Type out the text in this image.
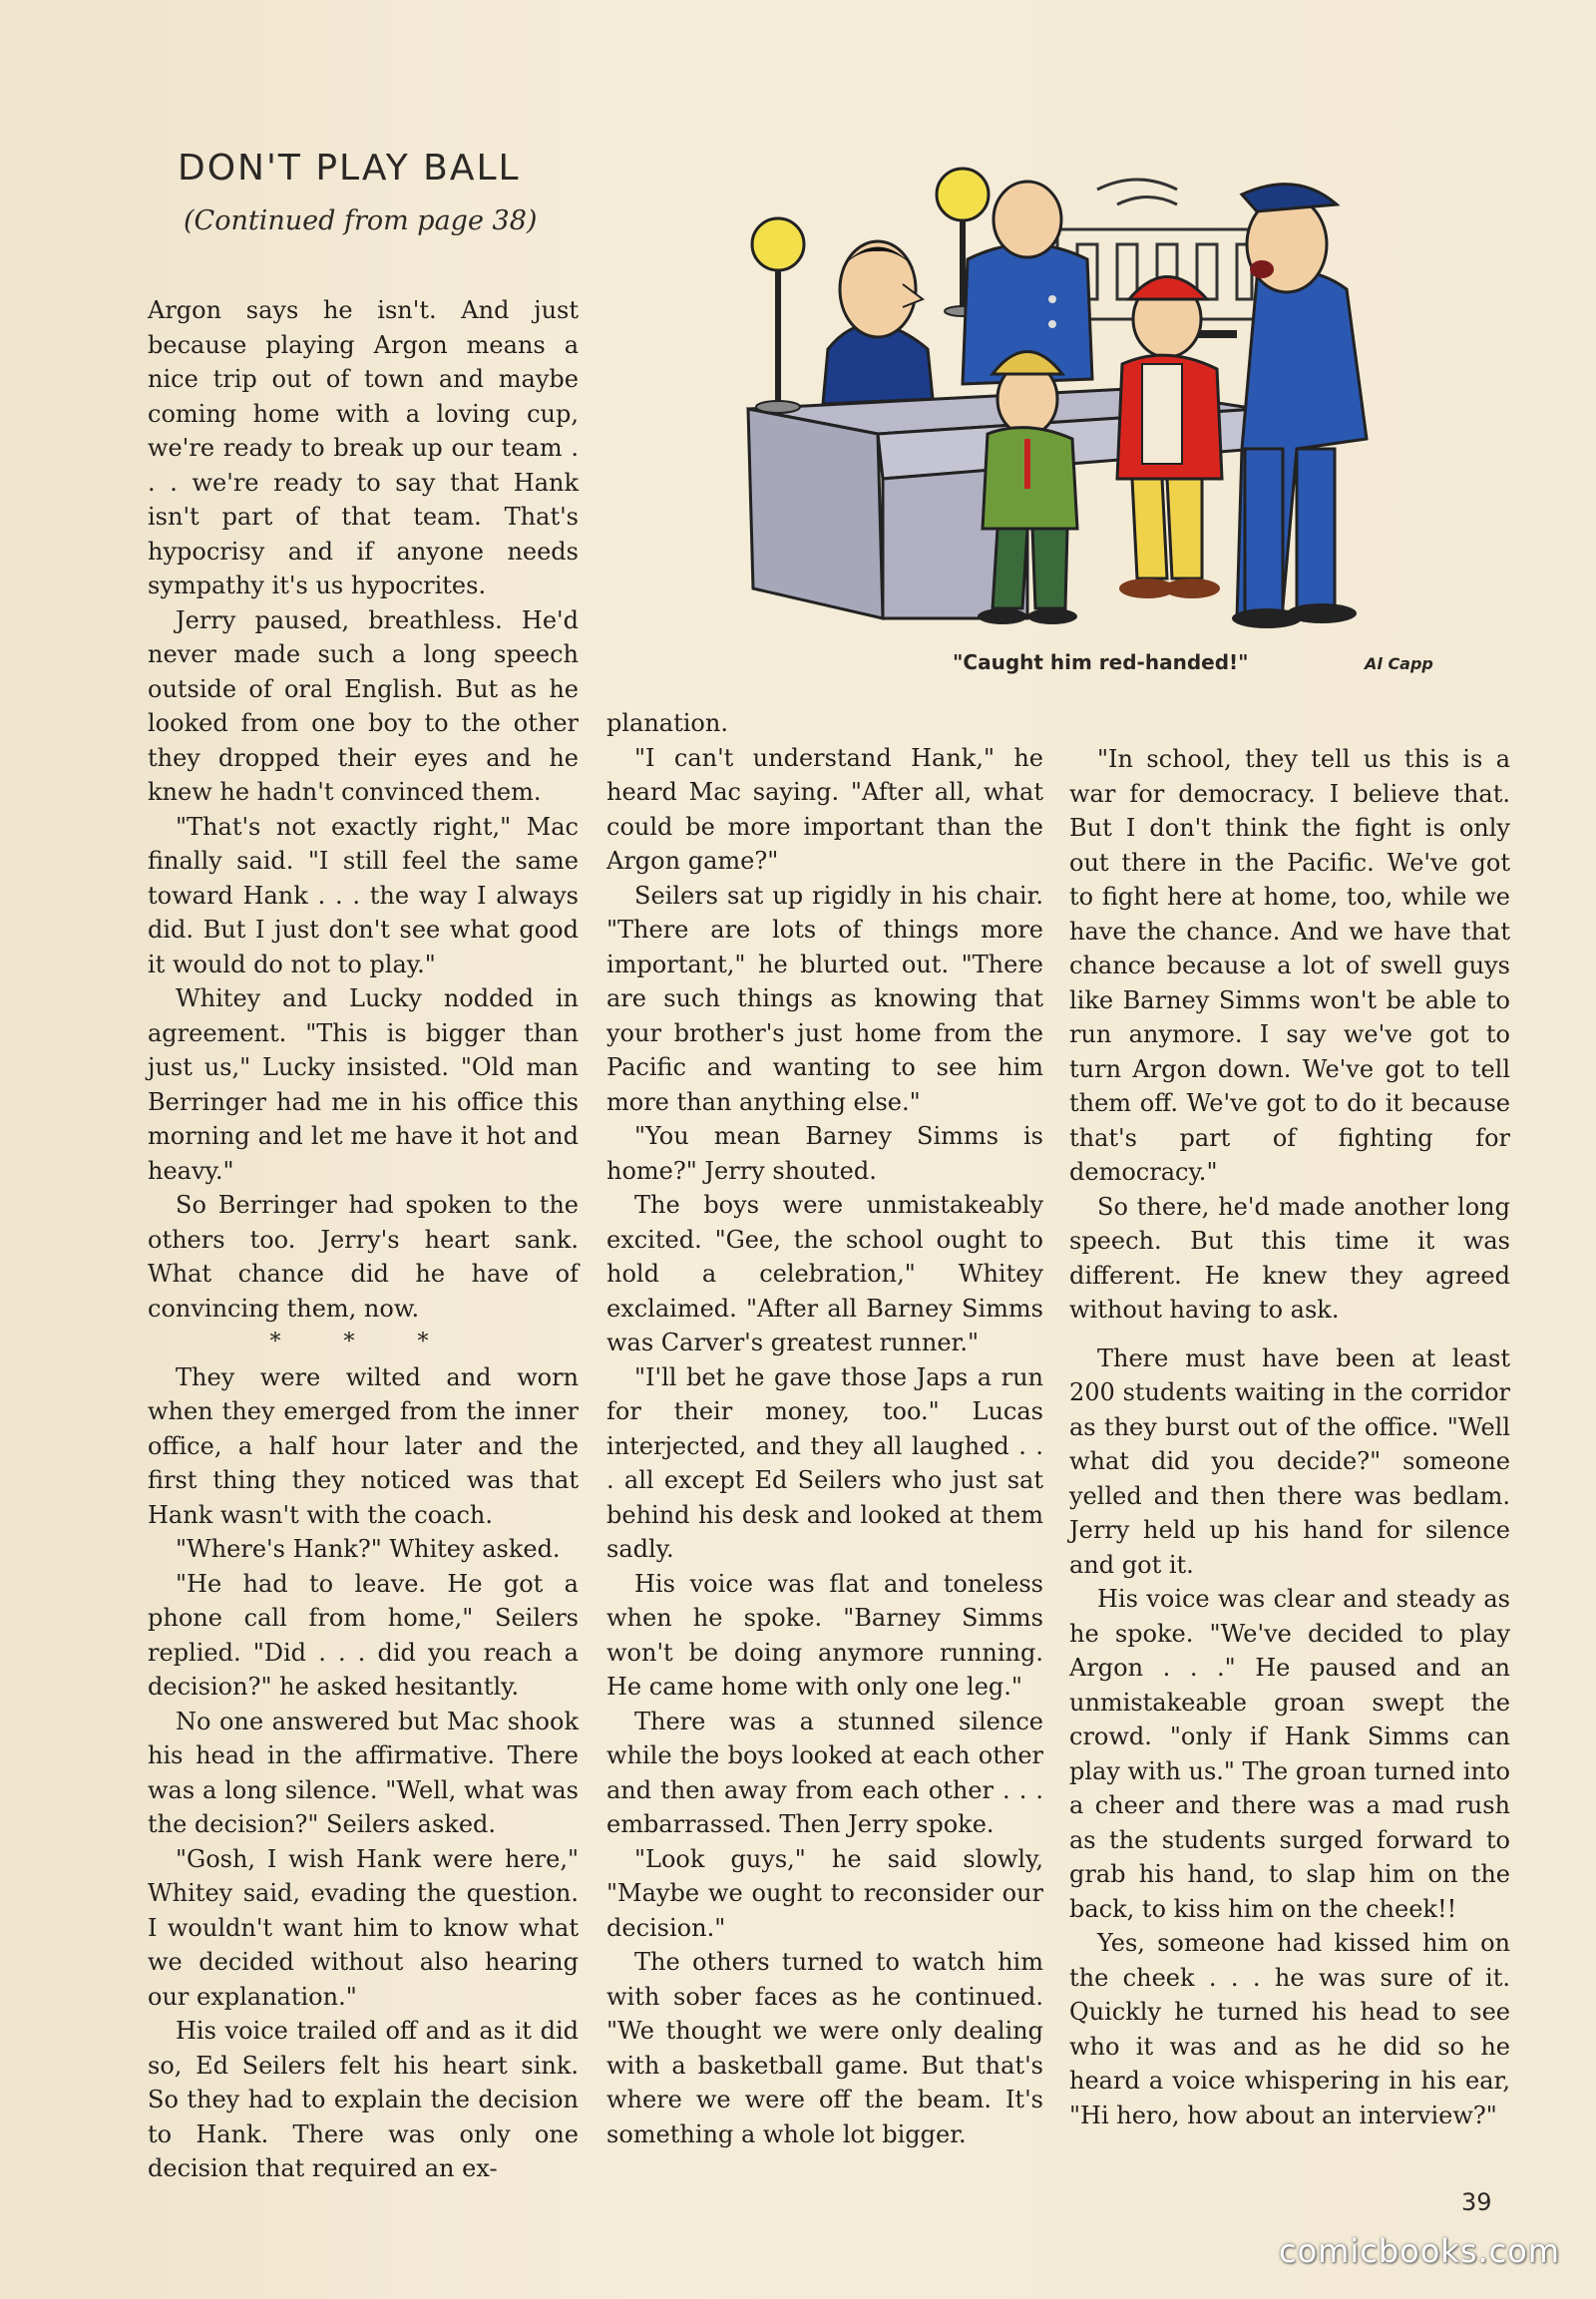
DON'T PLAY BALL
(Continued from page 38)
"Caught him red-handed!"	Al Capp

Argon says he isn't. And just because playing Argon means a nice trip out of town and maybe coming home with a loving cup, we're ready to break up our team . . . we're ready to say that Hank isn't part of that team. That's hypocrisy and if anyone needs sympathy it's us hypocrites.

Jerry paused, breathless. He'd never made such a long speech outside of oral English. But as he looked from one boy to the other they dropped their eyes and he knew he hadn't convinced them.

"That's not exactly right," Mac finally said. "I still feel the same toward Hank . . . the way I always did. But I just don't see what good it would do not to play."

Whitey and Lucky nodded in agreement. "This is bigger than just us," Lucky insisted. "Old man Berringer had me in his office this morning and let me have it hot and heavy."

So Berringer had spoken to the others too. Jerry's heart sank. What chance did he have of convincing them, now.

* * *

They were wilted and worn when they emerged from the inner office, a half hour later and the first thing they noticed was that Hank wasn't with the coach.

"Where's Hank?" Whitey asked.

"He had to leave. He got a phone call from home," Seilers replied. "Did . . . did you reach a decision?" he asked hesitantly.

No one answered but Mac shook his head in the affirmative. There was a long silence. "Well, what was the decision?" Seilers asked.

"Gosh, I wish Hank were here," Whitey said, evading the question. I wouldn't want him to know what we decided without also hearing our explanation."

His voice trailed off and as it did so, Ed Seilers felt his heart sink. So they had to explain the decision to Hank. There was only one decision that required an ex-

planation.

"I can't understand Hank," he heard Mac saying. "After all, what could be more important than the Argon game?"

Seilers sat up rigidly in his chair. "There are lots of things more important," he blurted out. "There are such things as knowing that your brother's just home from the Pacific and wanting to see him more than anything else."

"You mean Barney Simms is home?" Jerry shouted.

The boys were unmistakeably excited. "Gee, the school ought to hold a celebration," Whitey exclaimed. "After all Barney Simms was Carver's greatest runner."

"I'll bet he gave those Japs a run for their money, too." Lucas interjected, and they all laughed . . . all except Ed Seilers who just sat behind his desk and looked at them sadly.

His voice was flat and toneless when he spoke. "Barney Simms won't be doing anymore running. He came home with only one leg."

There was a stunned silence while the boys looked at each other and then away from each other . . . embarrassed. Then Jerry spoke.

"Look guys," he said slowly, "Maybe we ought to reconsider our decision."

The others turned to watch him with sober faces as he continued. "We thought we were only dealing with a basketball game. But that's where we were off the beam. It's something a whole lot bigger.

"In school, they tell us this is a war for democracy. I believe that. But I don't think the fight is only out there in the Pacific. We've got to fight here at home, too, while we have the chance. And we have that chance because a lot of swell guys like Barney Simms won't be able to run anymore. I say we've got to turn Argon down. We've got to tell them off. We've got to do it because that's part of fighting for democracy."

So there, he'd made another long speech. But this time it was different. He knew they agreed without having to ask.

There must have been at least 200 students waiting in the corridor as they burst out of the office. "Well what did you decide?" someone yelled and then there was bedlam. Jerry held up his hand for silence and got it.

His voice was clear and steady as he spoke. "We've decided to play Argon . . ." He paused and an unmistakeable groan swept the crowd. "only if Hank Simms can play with us." The groan turned into a cheer and there was a mad rush as the students surged forward to grab his hand, to slap him on the back, to kiss him on the cheek!!

Yes, someone had kissed him on the cheek . . . he was sure of it. Quickly he turned his head to see who it was and as he did so he heard a voice whispering in his ear, "Hi hero, how about an interview?"

39
comicbooks.com
